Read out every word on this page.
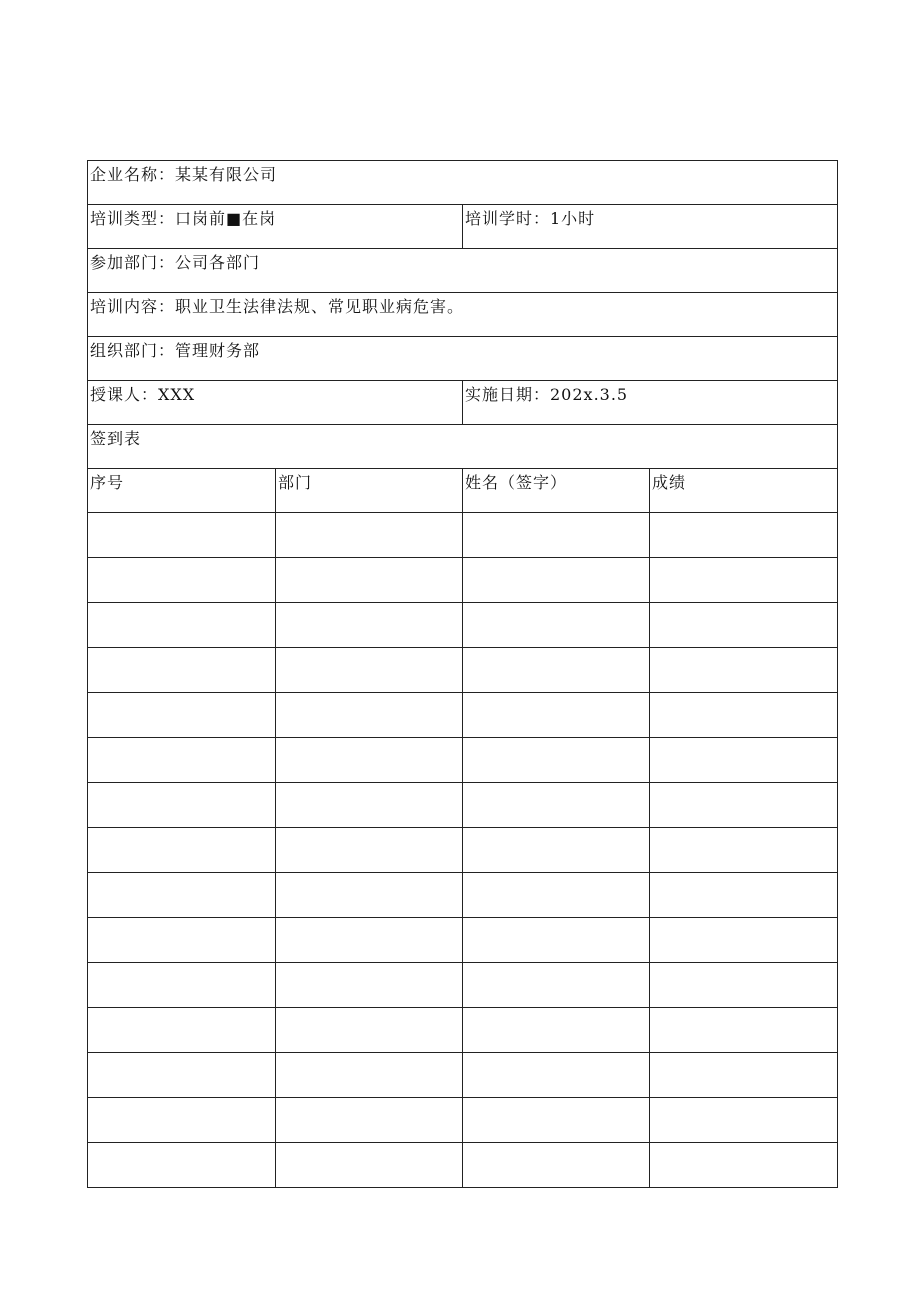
企业名称：某某有限公司			

培训类型：口岗前■在岗		培训学时：1小时	

参加部门：公司各部门			

培训内容：职业卫生法律法规、常见职业病危害。			

组织部门：管理财务部			

授课人：XXX		实施日期：202x.3.5	

签到表			

序号	部门	姓名（签字）	成绩
